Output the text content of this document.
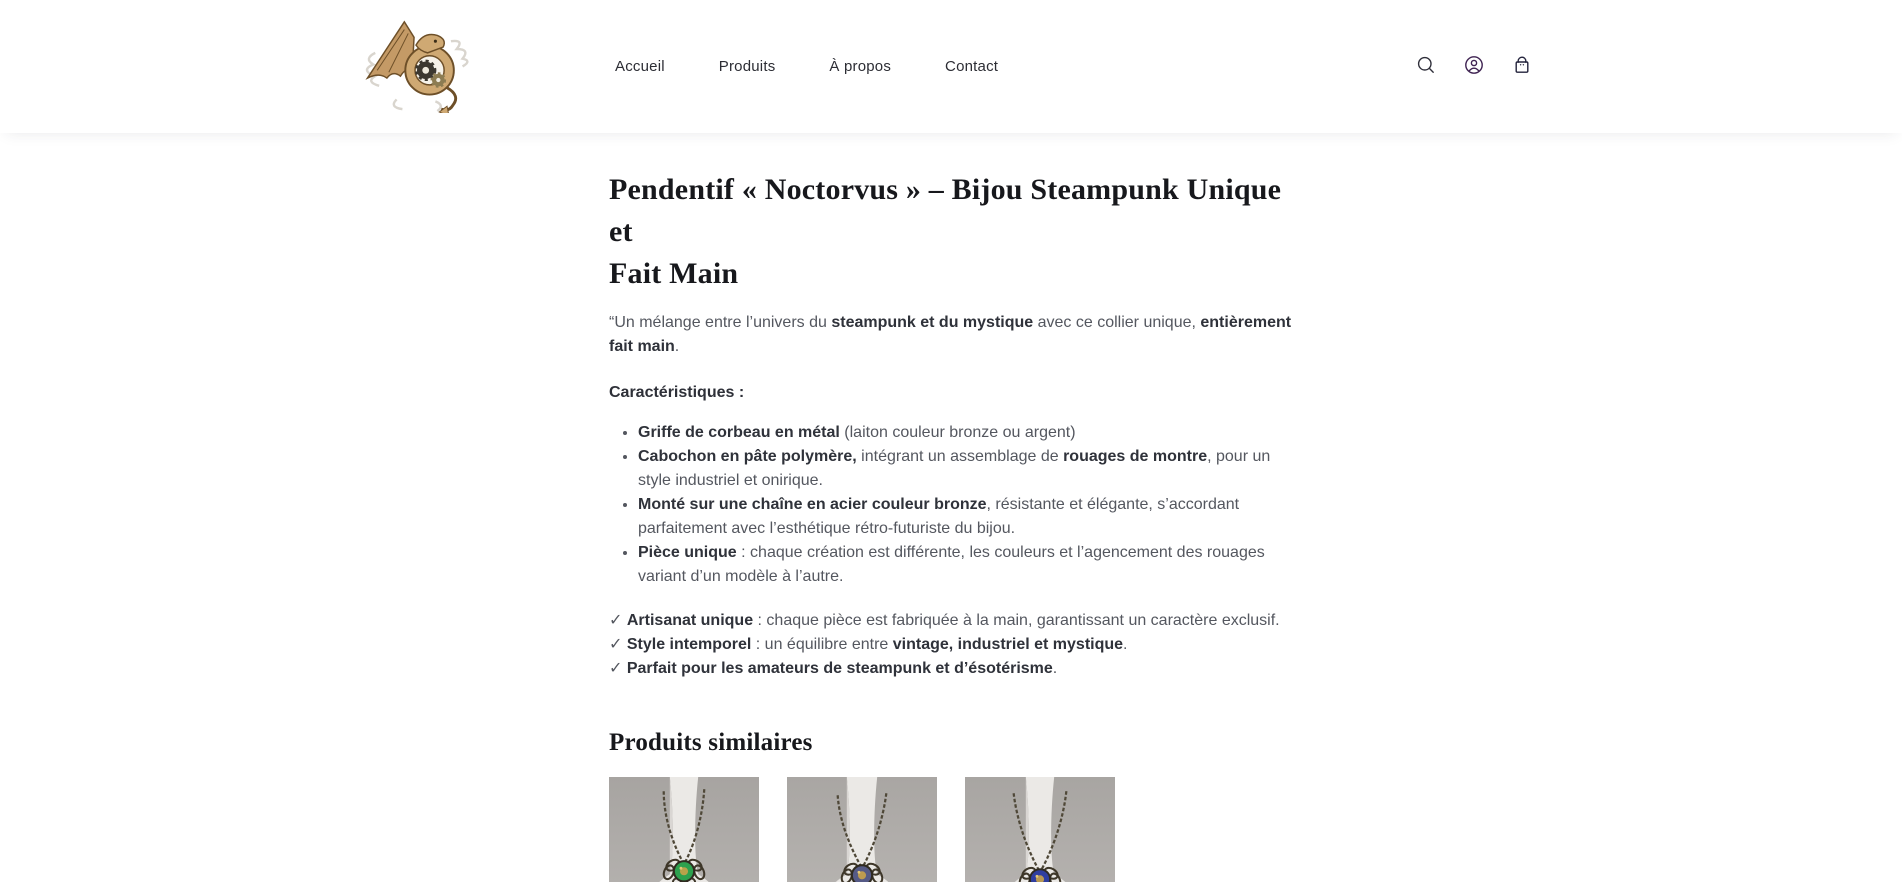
Accueil	Produits	À propos	Contact
Pendentif « Noctorvus » – Bijou Steampunk Unique et
Fait Main

“Un mélange entre l’univers du steampunk et du mystique avec ce collier unique, entièrement fait main.

Caractéristiques :

• Griffe de corbeau en métal (laiton couleur bronze ou argent)
• Cabochon en pâte polymère, intégrant un assemblage de rouages de montre, pour un style industriel et onirique.
• Monté sur une chaîne en acier couleur bronze, résistante et élégante, s’accordant parfaitement avec l’esthétique rétro-futuriste du bijou.
• Pièce unique : chaque création est différente, les couleurs et l’agencement des rouages variant d’un modèle à l’autre.

✓ Artisanat unique : chaque pièce est fabriquée à la main, garantissant un caractère exclusif.

✓ Style intemporel : un équilibre entre vintage, industriel et mystique.

✓ Parfait pour les amateurs de steampunk et d’ésotérisme.

Produits similaires
